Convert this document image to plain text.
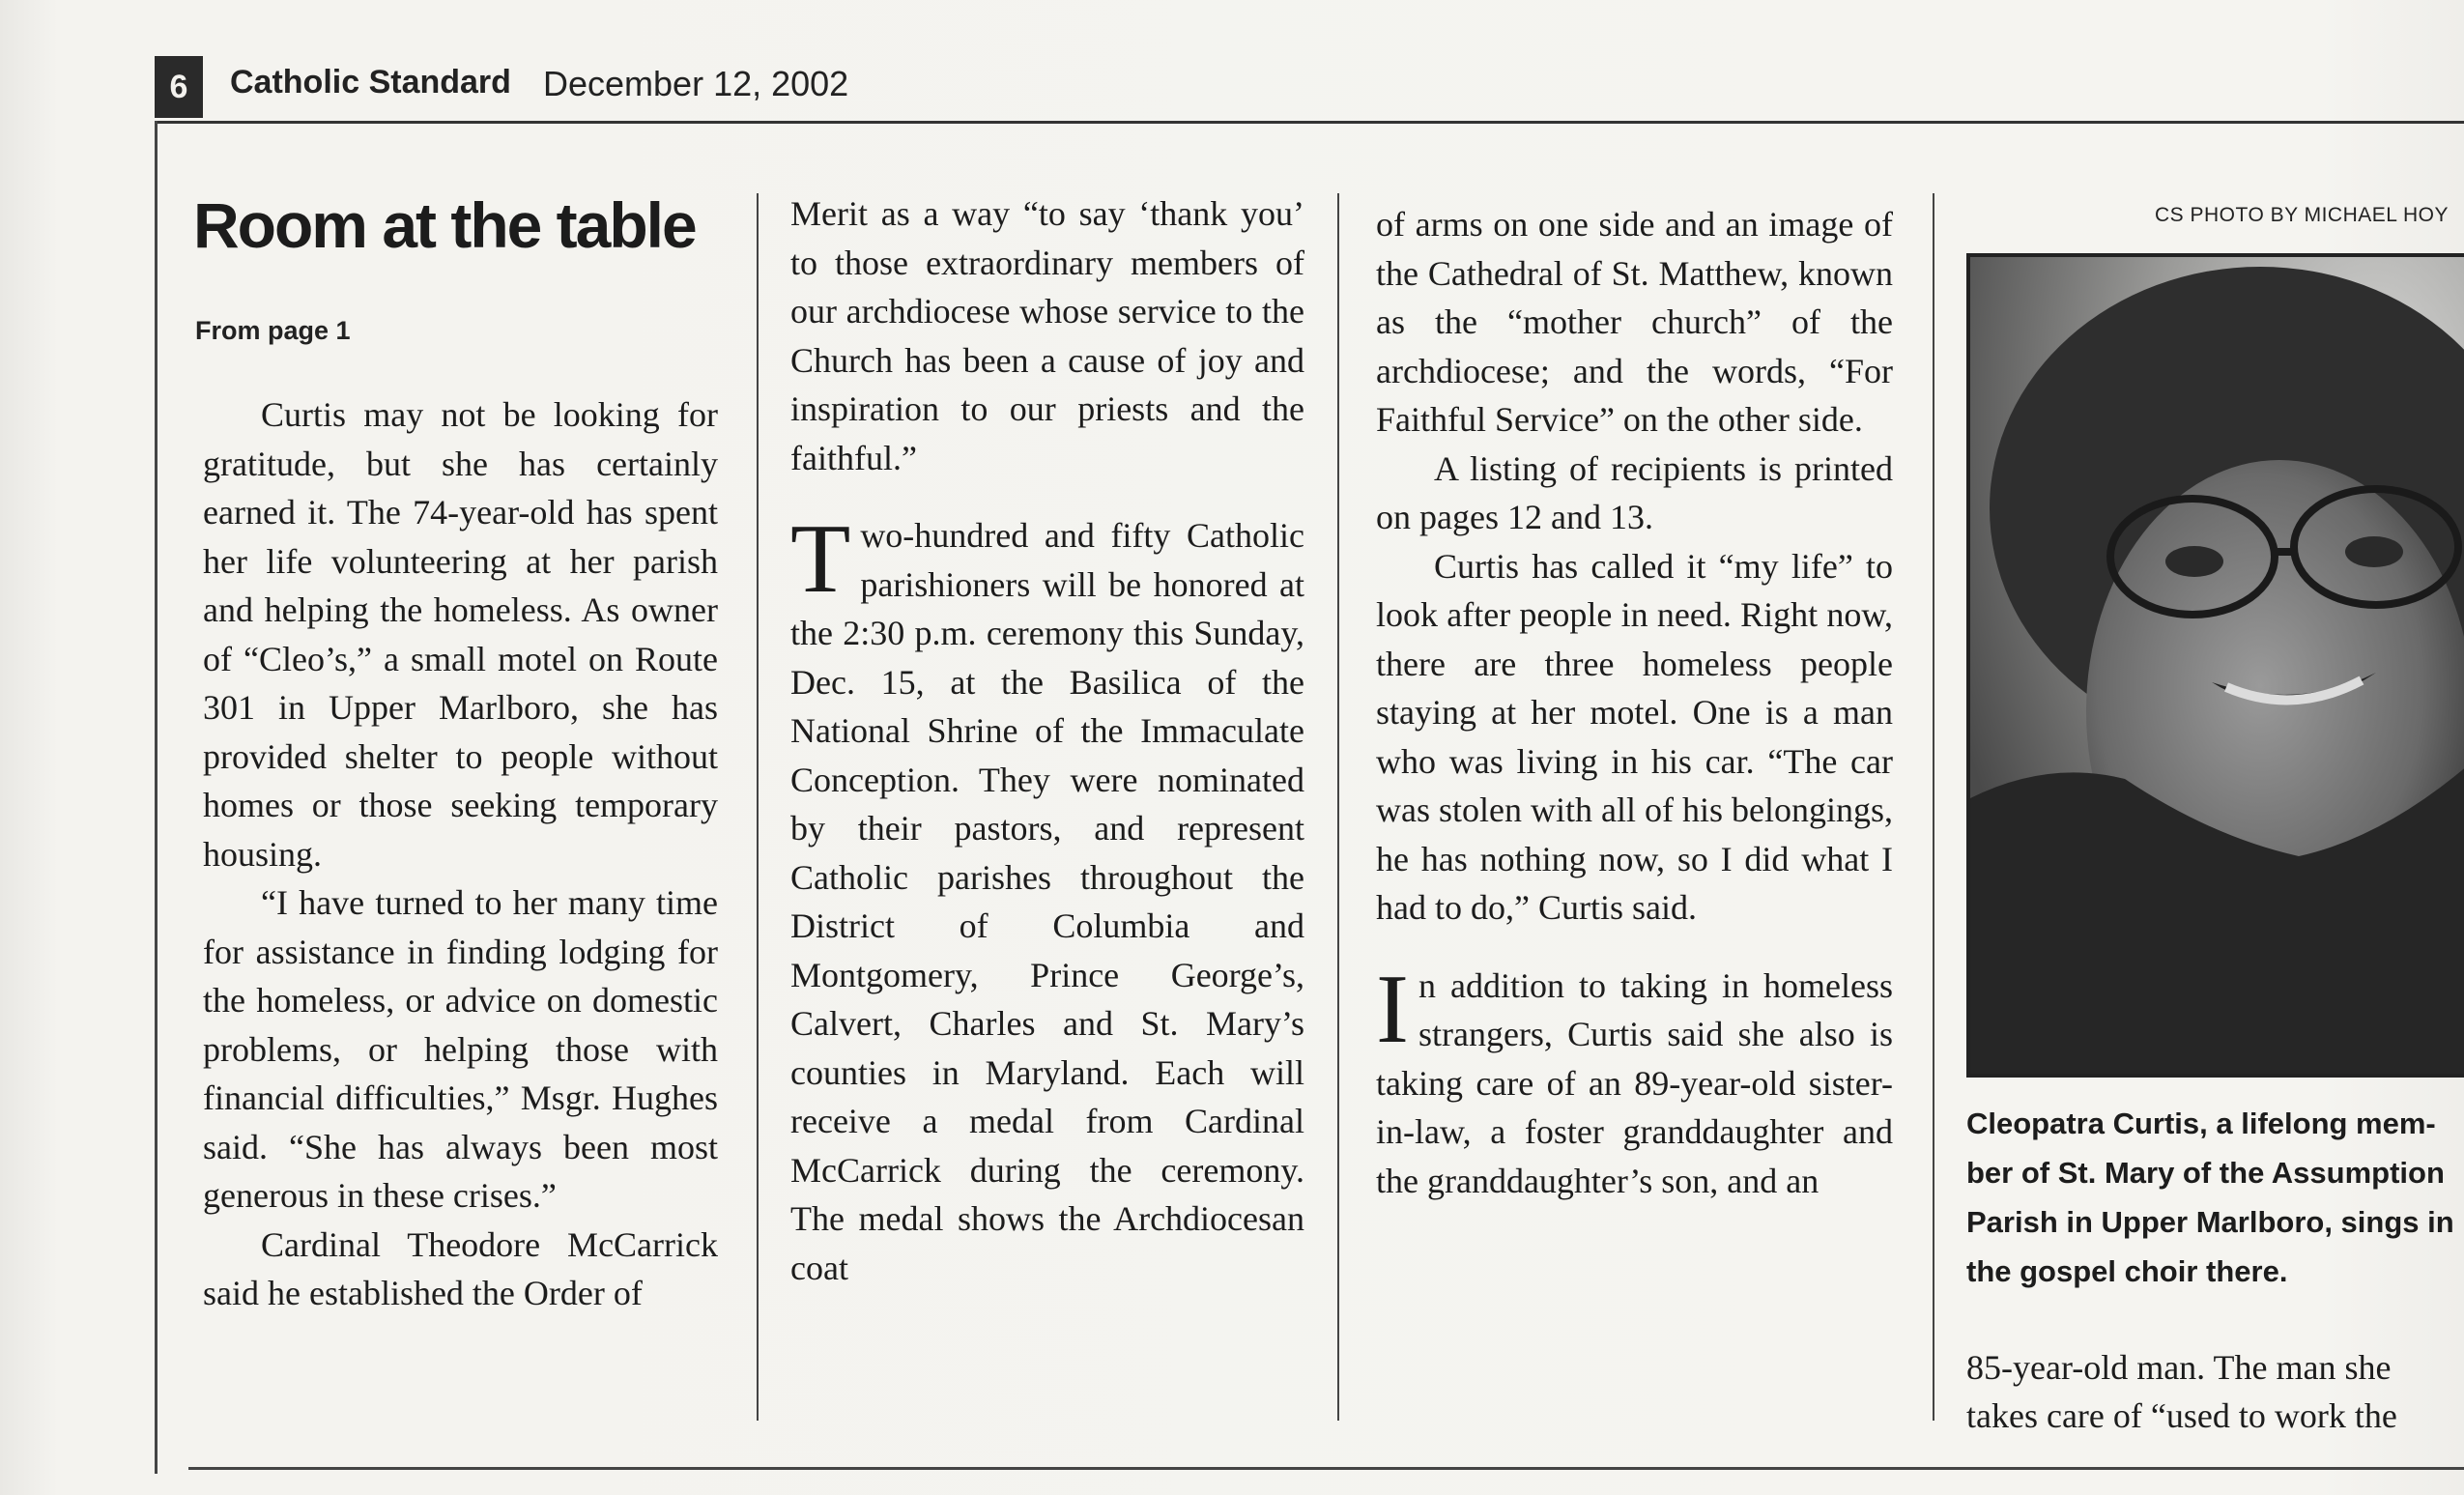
6	Catholic Standard December 12, 2002
Room at the table
From page 1

Curtis may not be looking for gratitude, but she has certainly earned it. The 74-year-old has spent her life volunteering at her parish and helping the homeless. As owner of “Cleo’s,” a small motel on Route 301 in Upper Marlboro, she has provided shelter to people without homes or those seeking temporary housing.

“I have turned to her many time for assistance in finding lodging for the homeless, or advice on domestic problems, or helping those with financial difficulties,” Msgr. Hughes said. “She has always been most generous in these crises.”

Cardinal Theodore McCarrick said he established the Order of

Merit as a way “to say ‘thank you’ to those extraordinary members of our archdiocese whose service to the Church has been a cause of joy and inspiration to our priests and the faithful.”

Two-hundred and fifty Catholic parishioners will be honored at the 2:30 p.m. ceremony this Sunday, Dec. 15, at the Basilica of the National Shrine of the Immaculate Conception. They were nominated by their pastors, and represent Catholic parishes throughout the District of Columbia and Montgomery, Prince George’s, Calvert, Charles and St. Mary’s counties in Maryland. Each will receive a medal from Cardinal McCarrick during the ceremony. The medal shows the Archdiocesan coat

of arms on one side and an image of the Cathedral of St. Matthew, known as the “mother church” of the archdiocese; and the words, “For Faithful Service” on the other side.

A listing of recipients is printed on pages 12 and 13.

Curtis has called it “my life” to look after people in need. Right now, there are three homeless people staying at her motel. One is a man who was living in his car. “The car was stolen with all of his belongings, he has nothing now, so I did what I had to do,” Curtis said.

In addition to taking in homeless strangers, Curtis said she also is taking care of an 89-year-old sister-in-law, a foster granddaughter and the granddaughter’s son, and an

CS PHOTO BY MICHAEL HOY
Cleopatra Curtis, a lifelong mem-
ber of St. Mary of the Assumption
Parish in Upper Marlboro, sings in
the gospel choir there.
85-year-old man. The man she
takes care of “used to work the
